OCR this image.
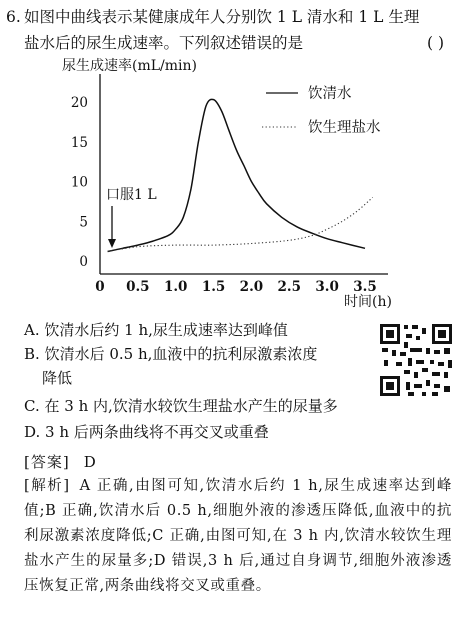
6. 如图中曲线表示某健康成年人分别饮 1 L 清水和 1 L 生理
盐水后的尿生成速率。下列叙述错误的是	( )
尿生成速率(mL/min)
时间(h)
0 0.5 1.0 1.5 2.0 2.5 3.0 3.5
0
5
10
15
20
口服1 L
饮清水
饮生理盐水
A. 饮清水后约 1 h,尿生成速率达到峰值
B. 饮清水后 0.5 h,血液中的抗利尿激素浓度
降低
C. 在 3 h 内,饮清水较饮生理盐水产生的尿量多
D. 3 h 后两条曲线将不再交叉或重叠
[答案] D
[解析] A 正确,由图可知,饮清水后约 1 h,尿生成速率达到峰值;B 正确,饮清水后 0.5 h,细胞外液的渗透压降低,血液中的抗利尿激素浓度降低;C 正确,由图可知,在 3 h 内,饮清水较饮生理盐水产生的尿量多;D 错误,3 h 后,通过自身调节,细胞外液渗透压恢复正常,两条曲线将交叉或重叠。
